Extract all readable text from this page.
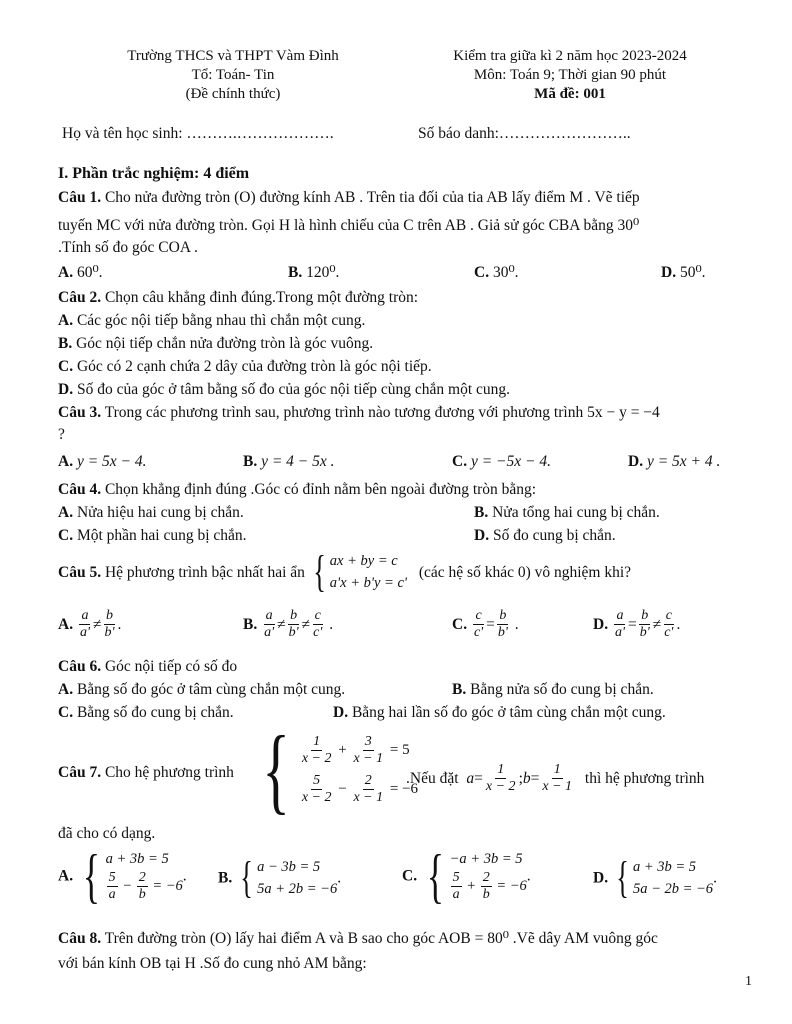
Trường THCS và THPT Vàm Đình
Tổ: Toán- Tin
(Đề chính thức)
Kiểm tra giữa kì 2 năm học 2023-2024
Môn: Toán 9; Thời gian 90 phút
Mã đề: 001
Họ và tên học sinh: ……….……………….	Số báo danh:……………………..
I. Phần trắc nghiệm: 4 điểm
Câu 1. Cho nửa đường tròn (O) đường kính AB . Trên tia đối của tia AB lấy điểm M . Vẽ tiếp
tuyến MC với nửa đường tròn. Gọi H là hình chiếu của C trên AB . Giả sử góc CBA bằng 30⁰
.Tính số đo góc COA .
A. 60⁰.	B. 120⁰.	C. 30⁰.	D. 50⁰.
Câu 2. Chọn câu khẳng đinh đúng.Trong một đường tròn:
A. Các góc nội tiếp bằng nhau thì chắn một cung.
B. Góc nội tiếp chắn nửa đường tròn là góc vuông.
C. Góc có 2 cạnh chứa 2 dây của đường tròn là góc nội tiếp.
D. Số đo của góc ở tâm bằng số đo của góc nội tiếp cùng chắn một cung.
Câu 3. Trong các phương trình sau, phương trình nào tương đương với phương trình 5x − y = −4
?
A. y = 5x − 4.	B. y = 4 − 5x .	C. y = −5x − 4.	D. y = 5x + 4 .
Câu 4. Chọn khẳng định đúng .Góc có đỉnh nằm bên ngoài đường tròn bằng:
A. Nửa hiệu hai cung bị chắn.	B. Nửa tổng hai cung bị chắn.
C. Một phần hai cung bị chắn.	D. Số đo cung bị chắn.
Câu 5. Hệ phương trình bậc nhất hai ẩn { ax + by = c
a'x + b'y = c'
(các hệ số khác 0) vô nghiệm khi?
A. $\frac{a}{a'} \ne \frac{b}{b'}$ .	B. $\frac{a}{a'} \ne \frac{b}{b'} \ne \frac{c}{c'}$ .	C. $\frac{c}{c'} = \frac{b}{b'}$ .	D. $\frac{a}{a'} = \frac{b}{b'} \ne \frac{c}{c'}$ .
Câu 6. Góc nội tiếp có số đo
A. Bằng số đo góc ở tâm cùng chắn một cung.	B. Bằng nửa số đo cung bị chắn.
C. Bằng số đo cung bị chắn.	D. Bằng hai lần số đo góc ở tâm cùng chắn một cung.
Câu 7. Cho hệ phương trình { $\frac{1}{x - 2} + \frac{3}{x - 1} = 5$
$\frac{5}{x - 2} - \frac{2}{x - 1} = -6$
.Nếu đặt $a= \frac{1}{x - 2}$ ;b= $\frac{1}{x - 1}$ thì hệ phương trình
đã cho có dạng.
A. { a + 3b = 5
$\frac{5}{a} - \frac{2}{b} = -6$
. B. { a − 3b = 5
5a + 2b = −6
.	C. { −a + 3b = 5
$\frac{5}{a} + \frac{2}{b} = -6$
.	D. { a + 3b = 5
5a − 2b = −6
.
Câu 8. Trên đường tròn (O) lấy hai điểm A và B sao cho góc AOB = 80⁰ .Vẽ dây AM vuông góc
với bán kính OB tại H .Số đo cung nhỏ AM bằng:
1
